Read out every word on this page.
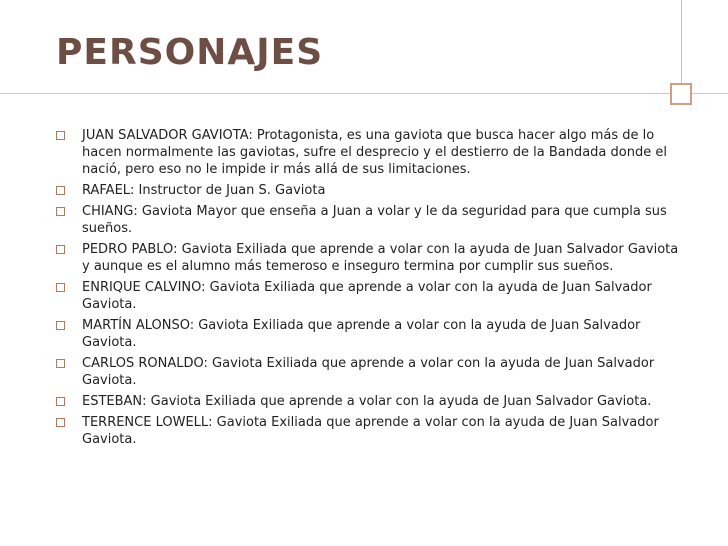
PERSONAJES
JUAN SALVADOR GAVIOTA: Protagonista, es una gaviota que busca hacer algo más de lo hacen normalmente las gaviotas, sufre el desprecio y el destierro de la Bandada donde el nació, pero eso no le impide ir más allá de sus limitaciones.
RAFAEL: Instructor de Juan S. Gaviota
CHIANG: Gaviota Mayor que enseña a Juan a volar y le da seguridad para que cumpla sus sueños.
PEDRO PABLO: Gaviota Exiliada que aprende a volar con la ayuda de Juan Salvador Gaviota y aunque es el alumno más temeroso e inseguro termina por cumplir sus sueños.
ENRIQUE CALVINO: Gaviota Exiliada que aprende a volar con la ayuda de Juan Salvador Gaviota.
MARTÍN ALONSO: Gaviota Exiliada que aprende a volar con la ayuda de Juan Salvador Gaviota.
CARLOS RONALDO: Gaviota Exiliada que aprende a volar con la ayuda de Juan Salvador Gaviota.
ESTEBAN: Gaviota Exiliada que aprende a volar con la ayuda de Juan Salvador Gaviota.
TERRENCE LOWELL: Gaviota Exiliada que aprende a volar con la ayuda de Juan Salvador Gaviota.
